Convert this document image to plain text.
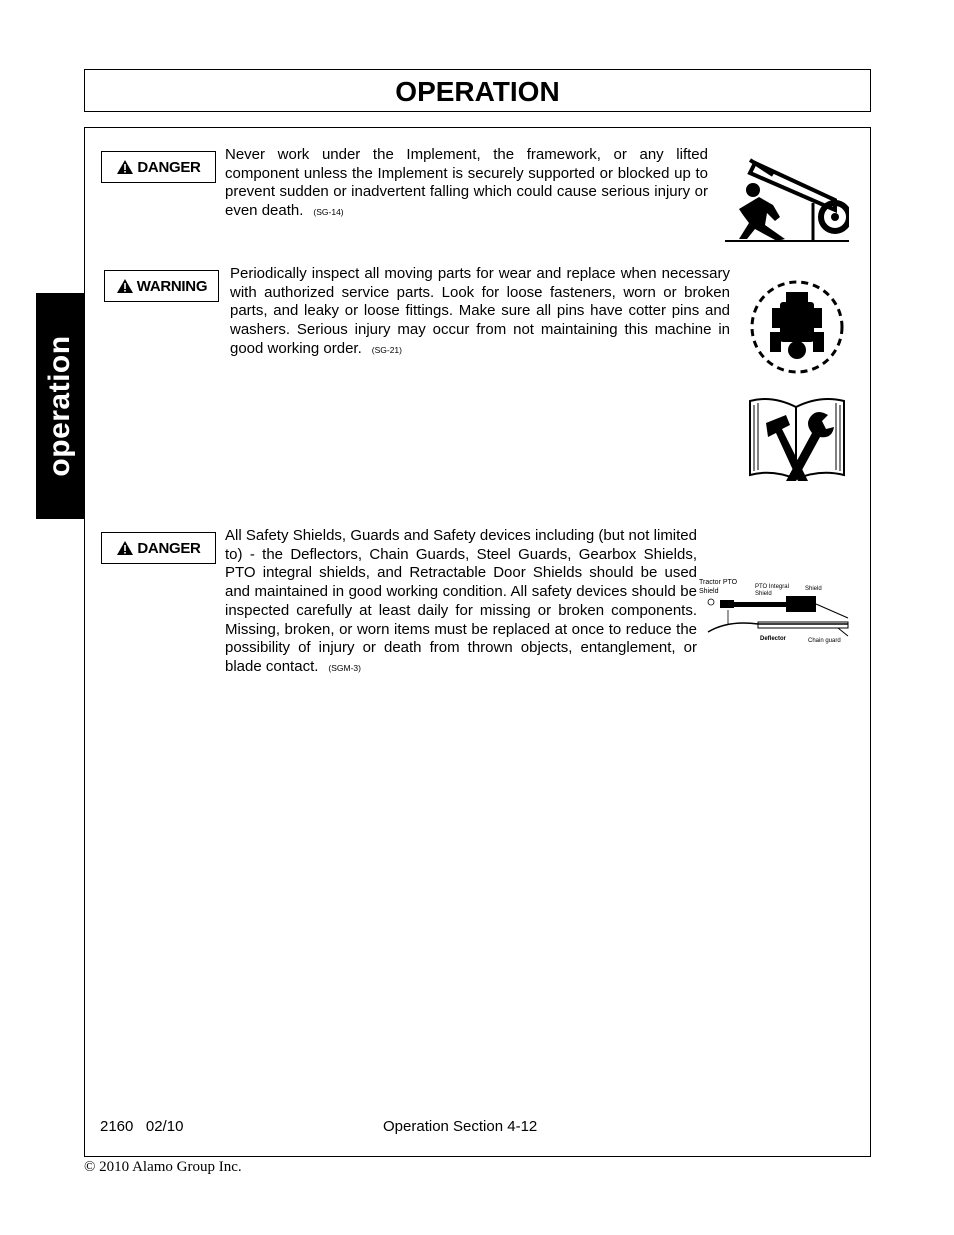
OPERATION
operation
DANGER

Never work under the Implement, the framework, or any lifted component unless the Implement is securely supported or blocked up to prevent sudden or inadvertent falling which could cause serious injury or even death. (SG-14)

WARNING

Periodically inspect all moving parts for wear and replace when necessary with authorized service parts. Look for loose fasteners, worn or broken parts, and leaky or loose fittings. Make sure all pins have cotter pins and washers. Serious injury may occur from not maintaining this machine in good working order. (SG-21)

DANGER

All Safety Shields, Guards and Safety devices including (but not limited to) - the Deflectors, Chain Guards, Steel Guards, Gearbox Shields, PTO integral shields, and Retractable Door Shields should be used and maintained in good working condition. All safety devices should be inspected carefully at least daily for missing or broken components. Missing, broken, or worn items must be replaced at once to reduce the possibility of injury or death from thrown objects, entanglement, or blade contact. (SGM-3)

Tractor PTO
Shield
PTO Integral
Shield
Shield
Deflector	Chain guard
2160   02/10	Operation Section 4-12
© 2010 Alamo Group Inc.
